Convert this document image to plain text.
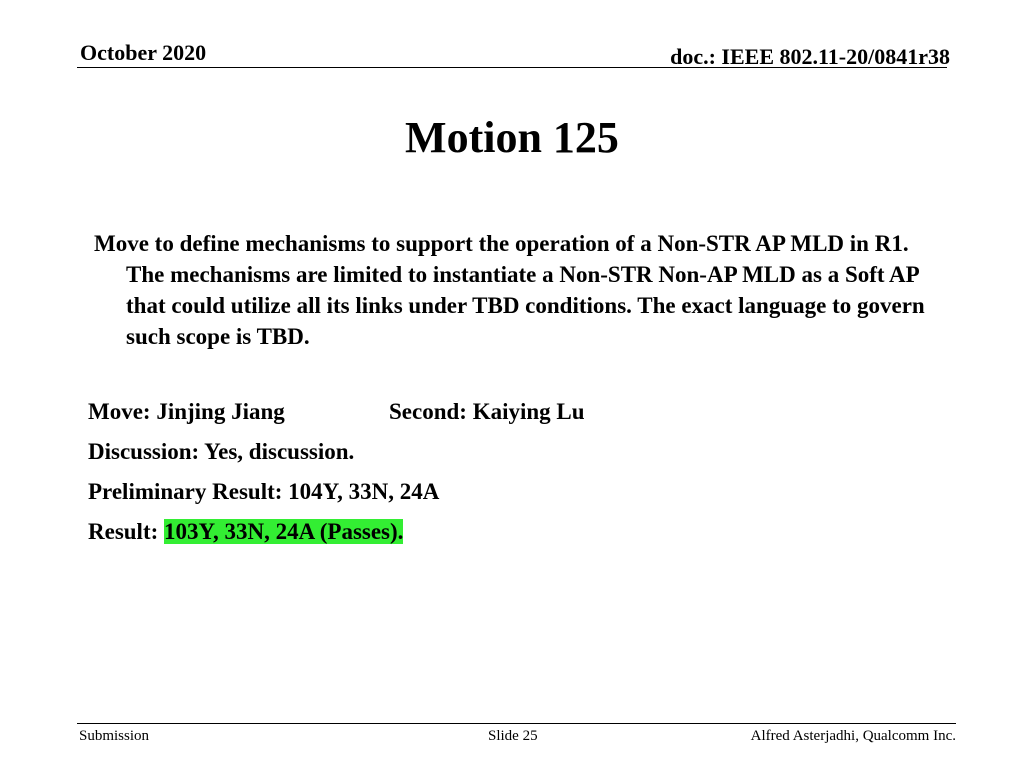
October 2020	doc.: IEEE 802.11-20/0841r38
Motion 125
Move to define mechanisms to support the operation of a Non-STR AP MLD in R1. The mechanisms are limited to instantiate a Non-STR Non-AP MLD as a Soft AP that could utilize all its links under TBD conditions. The exact language to govern such scope is TBD.
Move: Jinjing Jiang	Second: Kaiying Lu
Discussion: Yes, discussion.
Preliminary Result: 104Y, 33N, 24A
Result: 103Y, 33N, 24A (Passes).
Submission	Slide 25	Alfred Asterjadhi, Qualcomm Inc.
